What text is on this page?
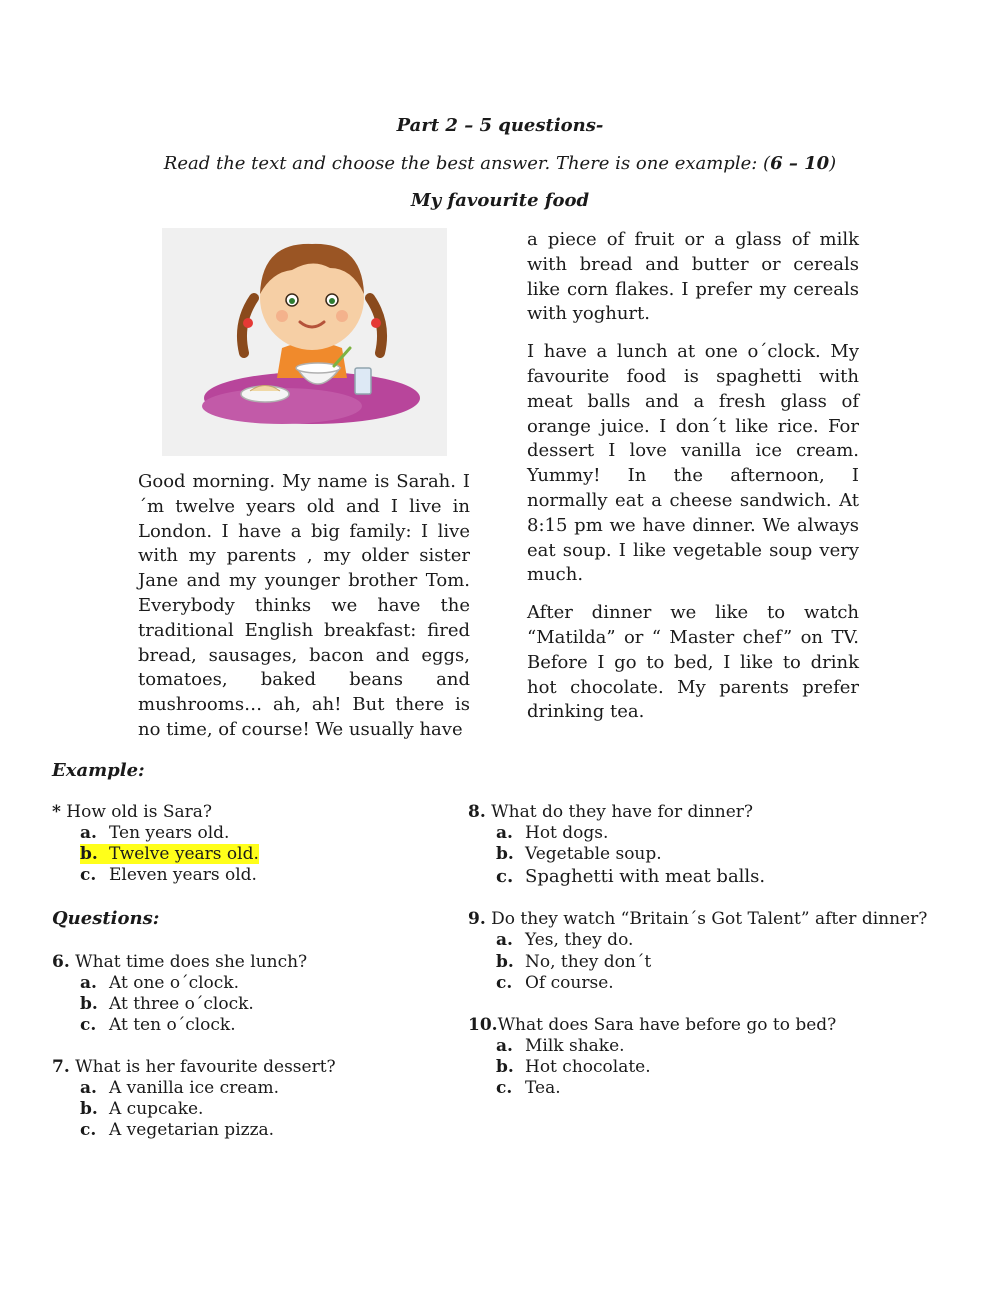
Part 2 – 5 questions-
Read the text and choose the best answer. There is one example: (6 – 10)
My favourite food

Good morning. My name is Sarah. I´m twelve years old and I live in London. I have a big family: I live with my parents , my older sister Jane and my younger brother Tom. Everybody thinks we have the traditional English breakfast: fired bread, sausages, bacon and eggs, tomatoes, baked beans and mushrooms… ah, ah! But there is no time, of course! We usually have

a piece of fruit or a glass of milk with bread and butter or cereals like corn flakes. I prefer my cereals with yoghurt.

I have a lunch at one o´clock. My favourite food is spaghetti with meat balls and a fresh glass of orange juice. I don´t like rice. For dessert I love vanilla ice cream. Yummy! In the afternoon, I normally eat a cheese sandwich. At 8:15 pm we have dinner. We always eat soup. I like vegetable soup very much.

After dinner we like to watch “Matilda” or “ Master chef” on TV. Before I go to bed, I like to drink hot chocolate. My parents prefer drinking tea.

Example:
* How old is Sara?
a. Ten years old.
b. Twelve years old.
c. Eleven years old.
Questions:
6. What time does she lunch?
a. At one o´clock.
b. At three o´clock.
c. At ten o´clock.
7. What is her favourite dessert?
a. A vanilla ice cream.
b. A cupcake.
c. A vegetarian pizza.
8. What do they have for dinner?
a. Hot dogs.
b. Vegetable soup.
c. Spaghetti with meat balls.
9. Do they watch “Britain´s Got Talent” after dinner?
a. Yes, they do.
b. No, they don´t
c. Of course.
10.What does Sara have before go to bed?
a. Milk shake.
b. Hot chocolate.
c. Tea.
